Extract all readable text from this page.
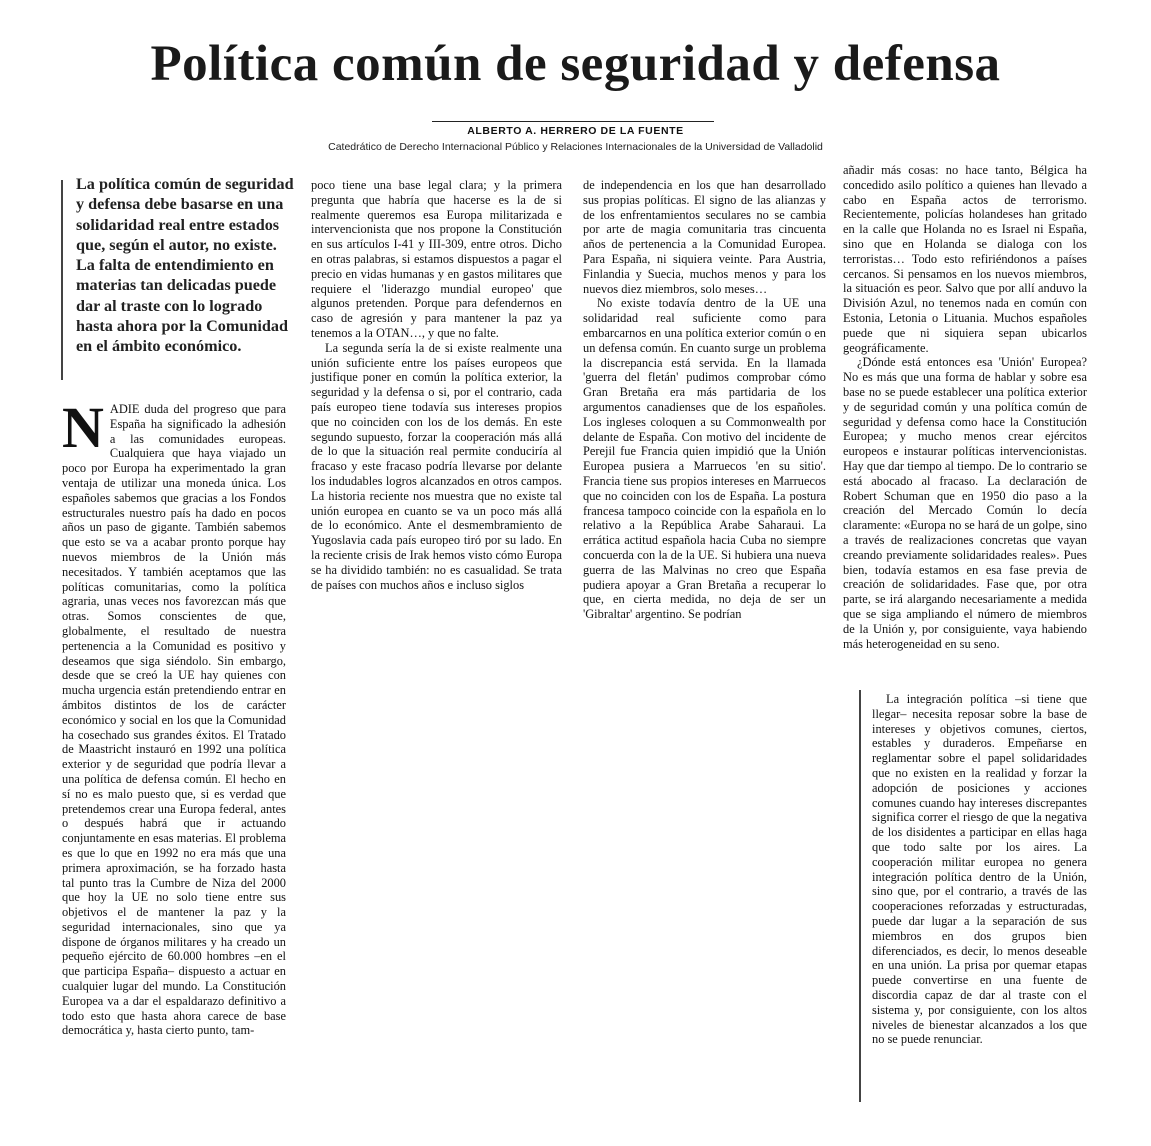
Política común de seguridad y defensa
ALBERTO A. HERRERO DE LA FUENTE
Catedrático de Derecho Internacional Público y Relaciones Internacionales de la Universidad de Valladolid

La política común de seguridad y defensa debe basarse en una solidaridad real entre estados que, según el autor, no existe. La falta de entendimiento en materias tan delicadas puede dar al traste con lo logrado hasta ahora por la Comunidad en el ámbito económico.

NADIE duda del progreso que para España ha significado la adhesión a las comunidades europeas. Cualquiera que haya viajado un poco por Europa ha experimentado la gran ventaja de utilizar una moneda única. Los españoles sabemos que gracias a los Fondos estructurales nuestro país ha dado en pocos años un paso de gigante. También sabemos que esto se va a acabar pronto porque hay nuevos miembros de la Unión más necesitados. Y también aceptamos que las políticas comunitarias, como la política agraria, unas veces nos favorezcan más que otras. Somos conscientes de que, globalmente, el resultado de nuestra pertenencia a la Comunidad es positivo y deseamos que siga siéndolo. Sin embargo, desde que se creó la UE hay quienes con mucha urgencia están pretendiendo entrar en ámbitos distintos de los de carácter económico y social en los que la Comunidad ha cosechado sus grandes éxitos. El Tratado de Maastricht instauró en 1992 una política exterior y de seguridad que podría llevar a una política de defensa común. El hecho en sí no es malo puesto que, si es verdad que pretendemos crear una Europa federal, antes o después habrá que ir actuando conjuntamente en esas materias. El problema es que lo que en 1992 no era más que una primera aproximación, se ha forzado hasta tal punto tras la Cumbre de Niza del 2000 que hoy la UE no solo tiene entre sus objetivos el de mantener la paz y la seguridad internacionales, sino que ya dispone de órganos militares y ha creado un pequeño ejército de 60.000 hombres –en el que participa España– dispuesto a actuar en cualquier lugar del mundo. La Constitución Europea va a dar el espaldarazo definitivo a todo esto que hasta ahora carece de base democrática y, hasta cierto punto, tam-

poco tiene una base legal clara; y la primera pregunta que habría que hacerse es la de si realmente queremos esa Europa militarizada e intervencionista que nos propone la Constitución en sus artículos I-41 y III-309, entre otros. Dicho en otras palabras, si estamos dispuestos a pagar el precio en vidas humanas y en gastos militares que requiere el 'liderazgo mundial europeo' que algunos pretenden. Porque para defendernos en caso de agresión y para mantener la paz ya tenemos a la OTAN…, y que no falte.

La segunda sería la de si existe realmente una unión suficiente entre los países europeos que justifique poner en común la política exterior, la seguridad y la defensa o si, por el contrario, cada país europeo tiene todavía sus intereses propios que no coinciden con los de los demás. En este segundo supuesto, forzar la cooperación más allá de lo que la situación real permite conduciría al fracaso y este fracaso podría llevarse por delante los indudables logros alcanzados en otros campos. La historia reciente nos muestra que no existe tal unión europea en cuanto se va un poco más allá de lo económico. Ante el desmembramiento de Yugoslavia cada país europeo tiró por su lado. En la reciente crisis de Irak hemos visto cómo Europa se ha dividido también: no es casualidad. Se trata de países con muchos años e incluso siglos

de independencia en los que han desarrollado sus propias políticas. El signo de las alianzas y de los enfrentamientos seculares no se cambia por arte de magia comunitaria tras cincuenta años de pertenencia a la Comunidad Europea. Para España, ni siquiera veinte. Para Austria, Finlandia y Suecia, muchos menos y para los nuevos diez miembros, solo meses…

No existe todavía dentro de la UE una solidaridad real suficiente como para embarcarnos en una política exterior común o en un defensa común. En cuanto surge un problema la discrepancia está servida. En la llamada 'guerra del fletán' pudimos comprobar cómo Gran Bretaña era más partidaria de los argumentos canadienses que de los españoles. Los ingleses coloquen a su Commonwealth por delante de España. Con motivo del incidente de Perejil fue Francia quien impidió que la Unión Europea pusiera a Marruecos 'en su sitio'. Francia tiene sus propios intereses en Marruecos que no coinciden con los de España. La postura francesa tampoco coincide con la española en lo relativo a la República Arabe Saharaui. La errática actitud española hacia Cuba no siempre concuerda con la de la UE. Si hubiera una nueva guerra de las Malvinas no creo que España pudiera apoyar a Gran Bretaña a recuperar lo que, en cierta medida, no deja de ser un 'Gibraltar' argentino. Se podrían

añadir más cosas: no hace tanto, Bélgica ha concedido asilo político a quienes han llevado a cabo en España actos de terrorismo. Recientemente, policías holandeses han gritado en la calle que Holanda no es Israel ni España, sino que en Holanda se dialoga con los terroristas… Todo esto refiriéndonos a países cercanos. Si pensamos en los nuevos miembros, la situación es peor. Salvo que por allí anduvo la División Azul, no tenemos nada en común con Estonia, Letonia o Lituania. Muchos españoles puede que ni siquiera sepan ubicarlos geográficamente.

¿Dónde está entonces esa 'Unión' Europea? No es más que una forma de hablar y sobre esa base no se puede establecer una política exterior y de seguridad común y una política común de seguridad y defensa como hace la Constitución Europea; y mucho menos crear ejércitos europeos e instaurar políticas intervencionistas. Hay que dar tiempo al tiempo. De lo contrario se está abocado al fracaso. La declaración de Robert Schuman que en 1950 dio paso a la creación del Mercado Común lo decía claramente: «Europa no se hará de un golpe, sino a través de realizaciones concretas que vayan creando previamente solidaridades reales». Pues bien, todavía estamos en esa fase previa de creación de solidaridades. Fase que, por otra parte, se irá alargando necesariamente a medida que se siga ampliando el número de miembros de la Unión y, por consiguiente, vaya habiendo más heterogeneidad en su seno.

La integración política –si tiene que llegar– necesita reposar sobre la base de intereses y objetivos comunes, ciertos, estables y duraderos. Empeñarse en reglamentar sobre el papel solidaridades que no existen en la realidad y forzar la adopción de posiciones y acciones comunes cuando hay intereses discrepantes significa correr el riesgo de que la negativa de los disidentes a participar en ellas haga que todo salte por los aires. La cooperación militar europea no genera integración política dentro de la Unión, sino que, por el contrario, a través de las cooperaciones reforzadas y estructuradas, puede dar lugar a la separación de sus miembros en dos grupos bien diferenciados, es decir, lo menos deseable en una unión. La prisa por quemar etapas puede convertirse en una fuente de discordia capaz de dar al traste con el sistema y, por consiguiente, con los altos niveles de bienestar alcanzados a los que no se puede renunciar.
